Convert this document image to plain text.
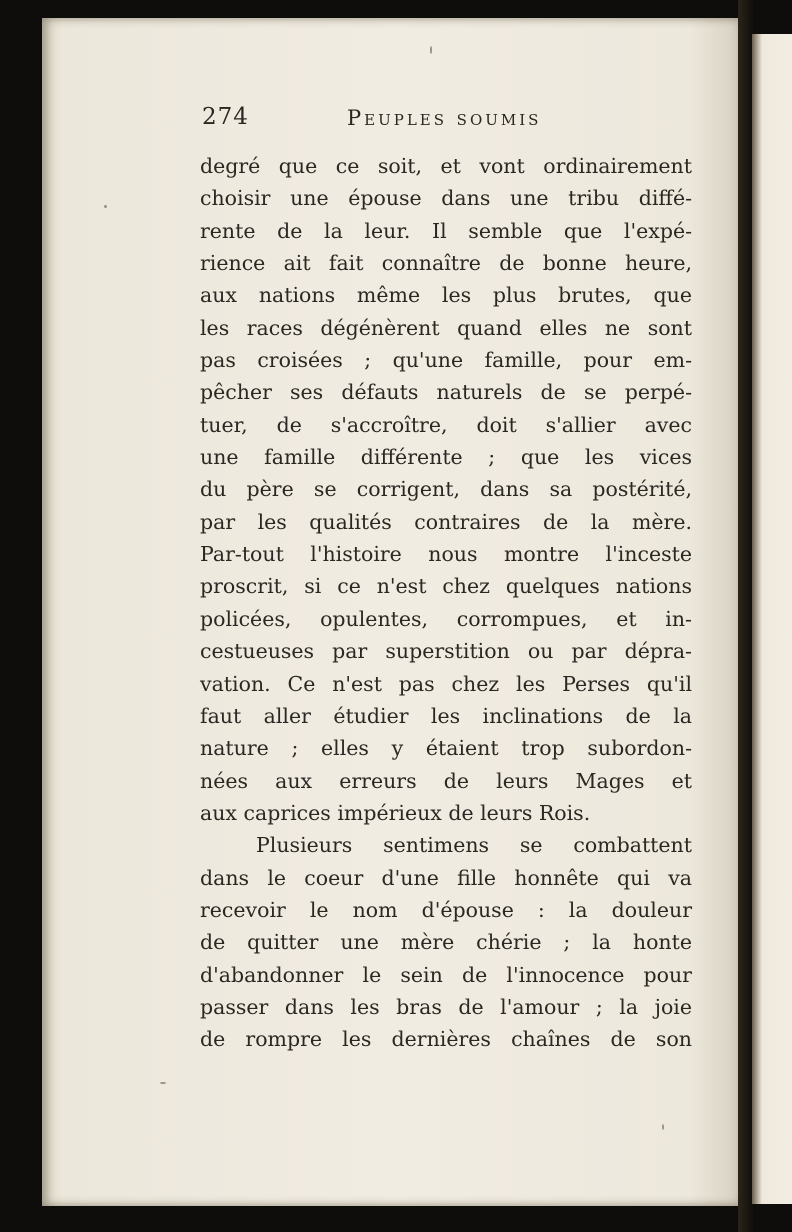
274	Peuples soumis
degré que ce soit, et vont ordinairement
choisir une épouse dans une tribu diffé-
rente de la leur. Il semble que l'expé-
rience ait fait connaître de bonne heure,
aux nations même les plus brutes, que
les races dégénèrent quand elles ne sont
pas croisées ; qu'une famille, pour em-
pêcher ses défauts naturels de se perpé-
tuer, de s'accroître, doit s'allier avec
une famille différente ; que les vices
du père se corrigent, dans sa postérité,
par les qualités contraires de la mère.
Par-tout l'histoire nous montre l'inceste
proscrit, si ce n'est chez quelques nations
policées, opulentes, corrompues, et in-
cestueuses par superstition ou par dépra-
vation. Ce n'est pas chez les Perses qu'il
faut aller étudier les inclinations de la
nature ; elles y étaient trop subordon-
nées aux erreurs de leurs Mages et
aux caprices impérieux de leurs Rois.
Plusieurs sentimens se combattent
dans le coeur d'une fille honnête qui va
recevoir le nom d'épouse : la douleur
de quitter une mère chérie ; la honte
d'abandonner le sein de l'innocence pour
passer dans les bras de l'amour ; la joie
de rompre les dernières chaînes de son
